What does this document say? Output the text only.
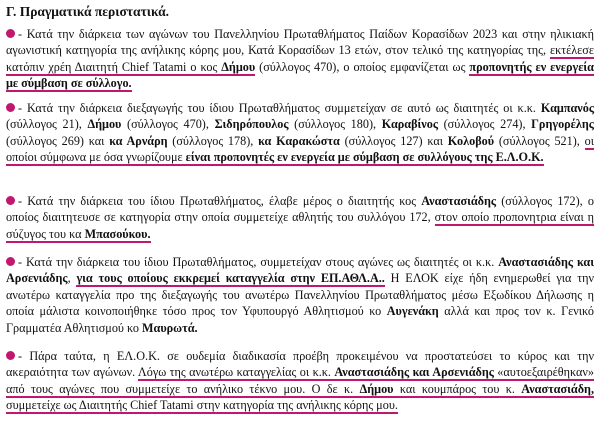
Γ. Πραγματικά περιστατικά.
- Κατά την διάρκεια των αγώνων του Πανελληνίου Πρωταθλήματος Παίδων Κορασίδων 2023 και στην ηλικιακή αγωνιστική κατηγορία της ανήλικης κόρης μου, Κατά Κορασίδων 13 ετών, στον τελικό της κατηγορίας της, εκτέλεσε κατόπιν χρέη Διαιτητή Chief Tatami ο κος Δήμου (σύλλογος 470), ο οποίος εμφανίζεται ως προπονητής εν ενεργεία με σύμβαση σε σύλλογο.
- Κατά την διάρκεια διεξαγωγής του ίδιου Πρωταθλήματος συμμετείχαν σε αυτό ως διαιτητές οι κ.κ. Καμπανός (σύλλογος 21), Δήμου (σύλλογος 470), Σιδηρόπουλος (σύλλογος 180), Καραβίνος (σύλλογος 274), Γρηγορέλης (σύλλογος 269) και κα Αρνάρη (σύλλογος 178), κα Καρακώστα (σύλλογος 127) και Κολοβού (σύλλογος 521), οι οποίοι σύμφωνα με όσα γνωρίζουμε είναι προπονητές εν ενεργεία με σύμβαση σε συλλόγους της Ε.Λ.Ο.Κ.
- Κατά την διάρκεια του ίδιου Πρωταθλήματος, έλαβε μέρος ο διαιτητής κος Αναστασιάδης (σύλλογος 172), ο οποίος διαιτητευσε σε κατηγορία στην οποία συμμετείχε αθλητής του συλλόγου 172, στον οποίο προπονητρια είναι η σύζυγος του κα Μπασούκου.
- Κατά την διάρκεια του ίδιου Πρωταθλήματος, συμμετείχαν στους αγώνες ως διαιτητές οι κ.κ. Αναστασιάδης και Αρσενιάδης, για τους οποίους εκκρεμεί καταγγελία στην ΕΠ.ΑΘΛ.Α.. Η ΕΛΟΚ είχε ήδη ενημερωθεί για την ανωτέρω καταγγελία προ της διεξαγωγής του ανωτέρω Πανελληνίου Πρωταθλήματος μέσω Εξωδίκου Δήλωσης η οποία μάλιστα κοινοποιήθηκε τόσο προς τον Υφυπουργό Αθλητισμού κο Αυγενάκη αλλά και προς τον κ. Γενικό Γραμματέα Αθλητισμού κο Μαυρωτά.
- Πάρα ταύτα, η ΕΛ.Ο.Κ. σε ουδεμία διαδικασία προέβη προκειμένου να προστατεύσει το κύρος και την ακεραιότητα των αγώνων. Λόγω της ανωτέρω καταγγελίας οι κ.κ. Αναστασιάδης και Αρσενιάδης «αυτοεξαιρέθηκαν» από τους αγώνες που συμμετείχε το ανήλικο τέκνο μου. Ο δε κ. Δήμου και κουμπάρος του κ. Αναστασιάδη, συμμετείχε ως Διαιτητής Chief Tatami στην κατηγορία της ανήλικης κόρης μου.
